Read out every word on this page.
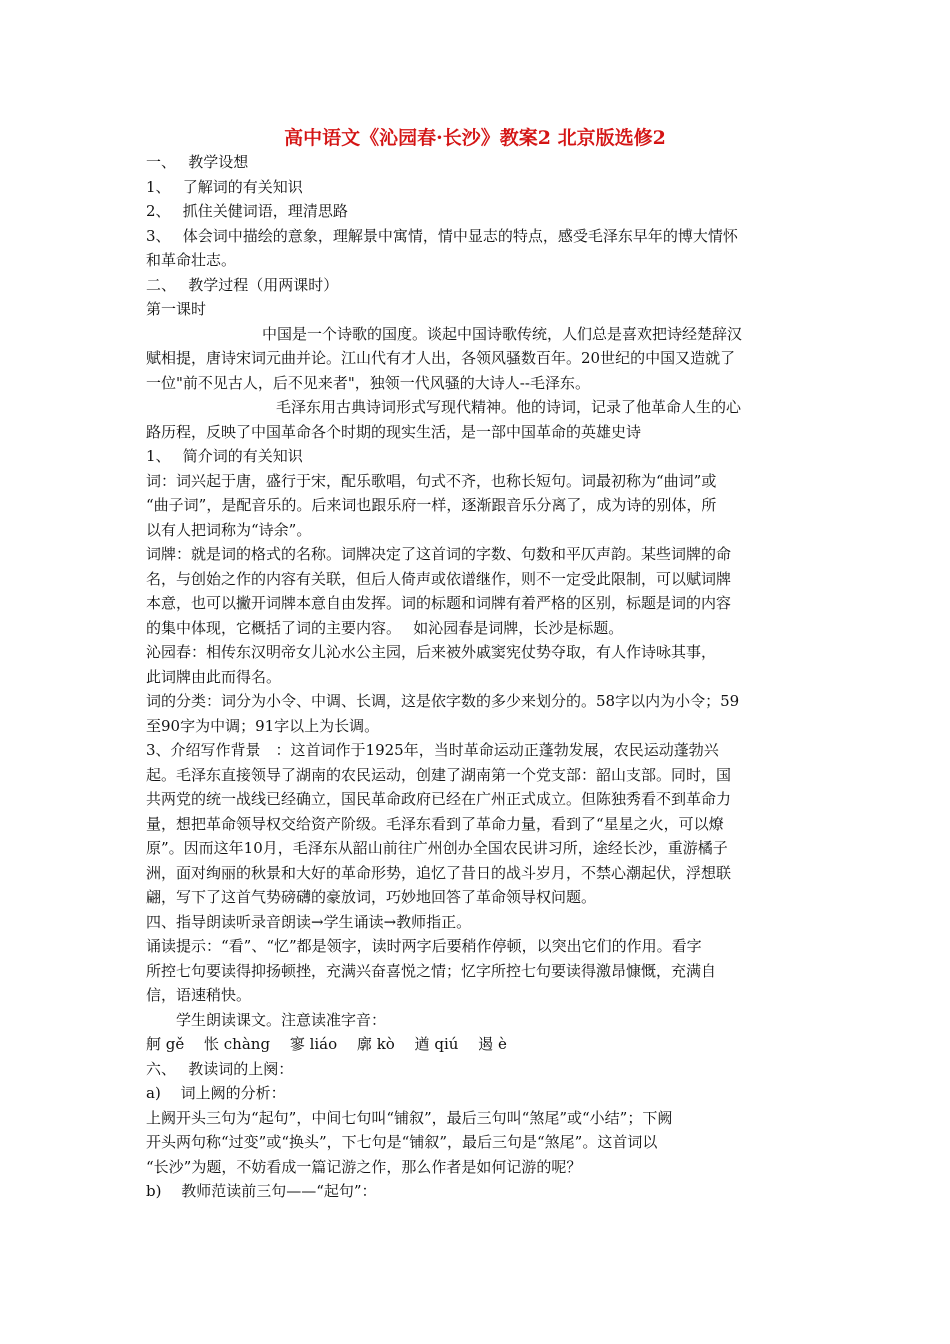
高中语文《沁园春·长沙》教案2 北京版选修2
一、　 教学设想
1、　 了解词的有关知识
2、　 抓住关健词语，理清思路
3、　 体会词中描绘的意象，理解景中寓情，情中显志的特点，感受毛泽东早年的博大情怀
和革命壮志。
二、　 教学过程（用两课时）
第一课时
中国是一个诗歌的国度。谈起中国诗歌传统，人们总是喜欢把诗经楚辞汉
赋相提，唐诗宋词元曲并论。江山代有才人出，各领风骚数百年。20世纪的中国又造就了
一位"前不见古人，后不见来者"，独领一代风骚的大诗人--毛泽东。
毛泽东用古典诗词形式写现代精神。他的诗词，记录了他革命人生的心
路历程，反映了中国革命各个时期的现实生活，是一部中国革命的英雄史诗
1、　 简介词的有关知识
词：词兴起于唐，盛行于宋，配乐歌唱，句式不齐，也称长短句。词最初称为“曲词”或
“曲子词”，是配音乐的。后来词也跟乐府一样，逐渐跟音乐分离了，成为诗的别体，所
以有人把词称为“诗余”。
词牌：就是词的格式的名称。词牌决定了这首词的字数、句数和平仄声韵。某些词牌的命
名，与创始之作的内容有关联，但后人倚声或依谱继作，则不一定受此限制，可以赋词牌
本意，也可以撇开词牌本意自由发挥。词的标题和词牌有着严格的区别，标题是词的内容
的集中体现，它概括了词的主要内容。　 如沁园春是词牌，长沙是标题。
沁园春：相传东汉明帝女儿沁水公主园，后来被外戚窦宪仗势夺取，有人作诗咏其事，
此词牌由此而得名。
词的分类：词分为小令、中调、长调，这是依字数的多少来划分的。58字以内为小令；59
至90字为中调；91字以上为长调。
3、介绍写作背景　：这首词作于1925年，当时革命运动正蓬勃发展，农民运动蓬勃兴
起。毛泽东直接领导了湖南的农民运动，创建了湖南第一个党支部：韶山支部。同时，国
共两党的统一战线已经确立，国民革命政府已经在广州正式成立。但陈独秀看不到革命力
量，想把革命领导权交给资产阶级。毛泽东看到了革命力量，看到了“星星之火，可以燎
原”。因而这年10月，毛泽东从韶山前往广州创办全国农民讲习所，途经长沙，重游橘子
洲，面对绚丽的秋景和大好的革命形势，追忆了昔日的战斗岁月，不禁心潮起伏，浮想联
翩，写下了这首气势磅礴的豪放词，巧妙地回答了革命领导权问题。
四、指导朗读听录音朗读→学生诵读→教师指正。
诵读提示：“看”、“忆”都是领字，读时两字后要稍作停顿，以突出它们的作用。看字
所控七句要读得抑扬顿挫，充满兴奋喜悦之情；忆字所控七句要读得激昂慷慨，充满自
信，语速稍快。
学生朗读课文。注意读准字音：
舸 gě　 怅 chàng　 寥 liáo　 廓 kò　 遒 qiú　 遏 è
六、　 教读词的上阕：
a)　 词上阙的分析：
上阙开头三句为“起句”，中间七句叫“铺叙”，最后三句叫“煞尾”或“小结”；下阙
开头两句称“过变”或“换头”，下七句是“铺叙”，最后三句是“煞尾”。这首词以
“长沙”为题，不妨看成一篇记游之作，那么作者是如何记游的呢？
b)　 教师范读前三句——“起句”：
